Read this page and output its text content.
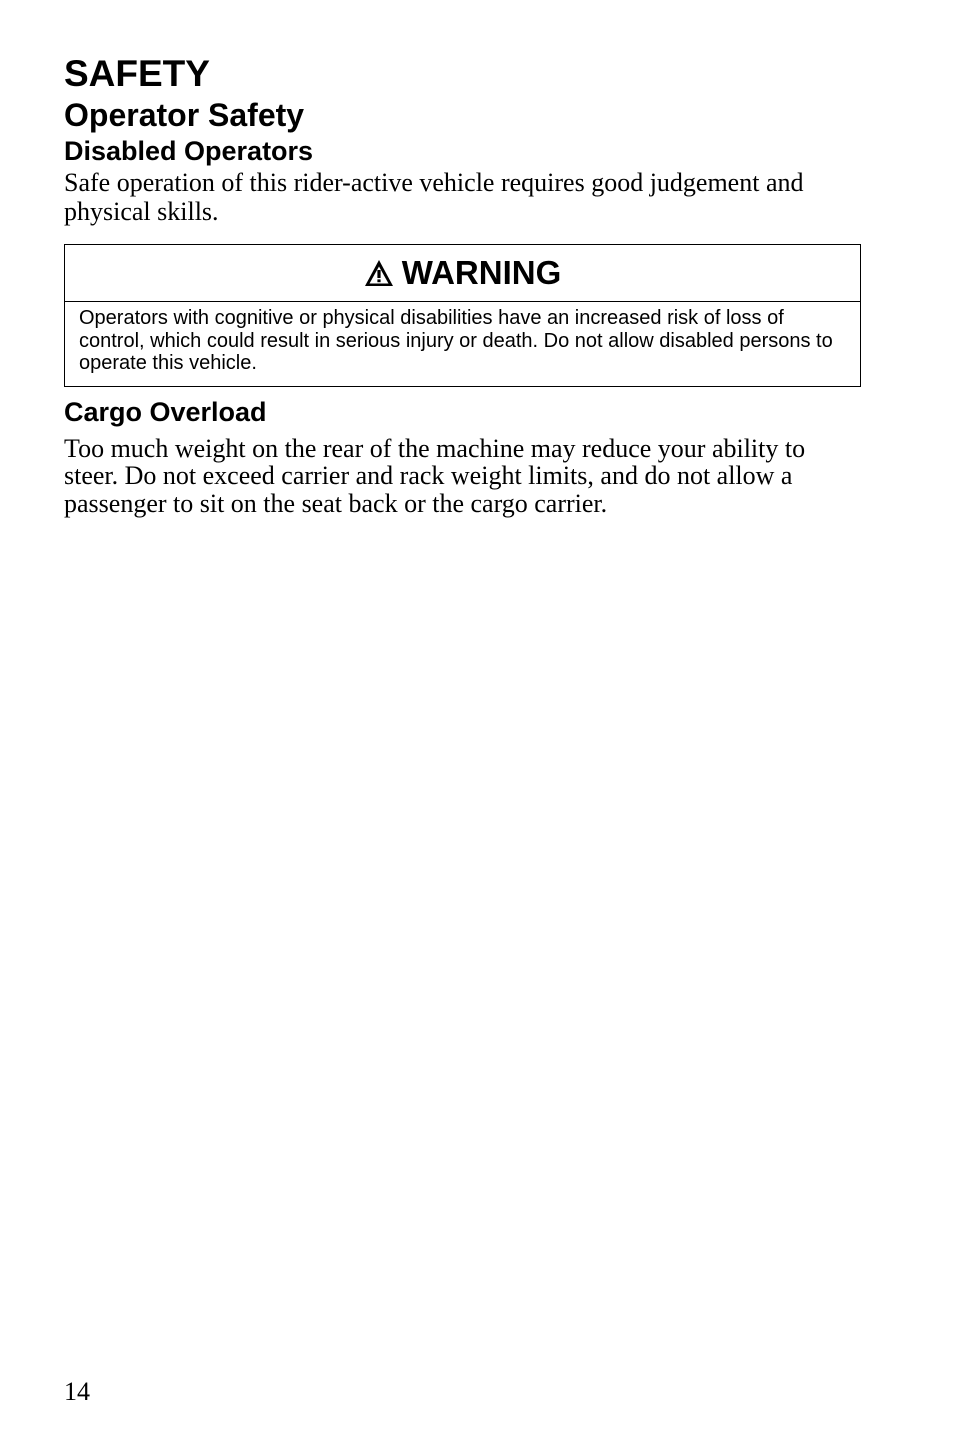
SAFETY
Operator Safety
Disabled Operators

Safe operation of this rider-active vehicle requires good judgement and physical skills.

WARNING
Operators with cognitive or physical disabilities have an increased risk of loss of control, which could result in serious injury or death. Do not allow disabled persons to operate this vehicle.
Cargo Overload

Too much weight on the rear of the machine may reduce your ability to steer. Do not exceed carrier and rack weight limits, and do not allow a passenger to sit on the seat back or the cargo carrier.

14
